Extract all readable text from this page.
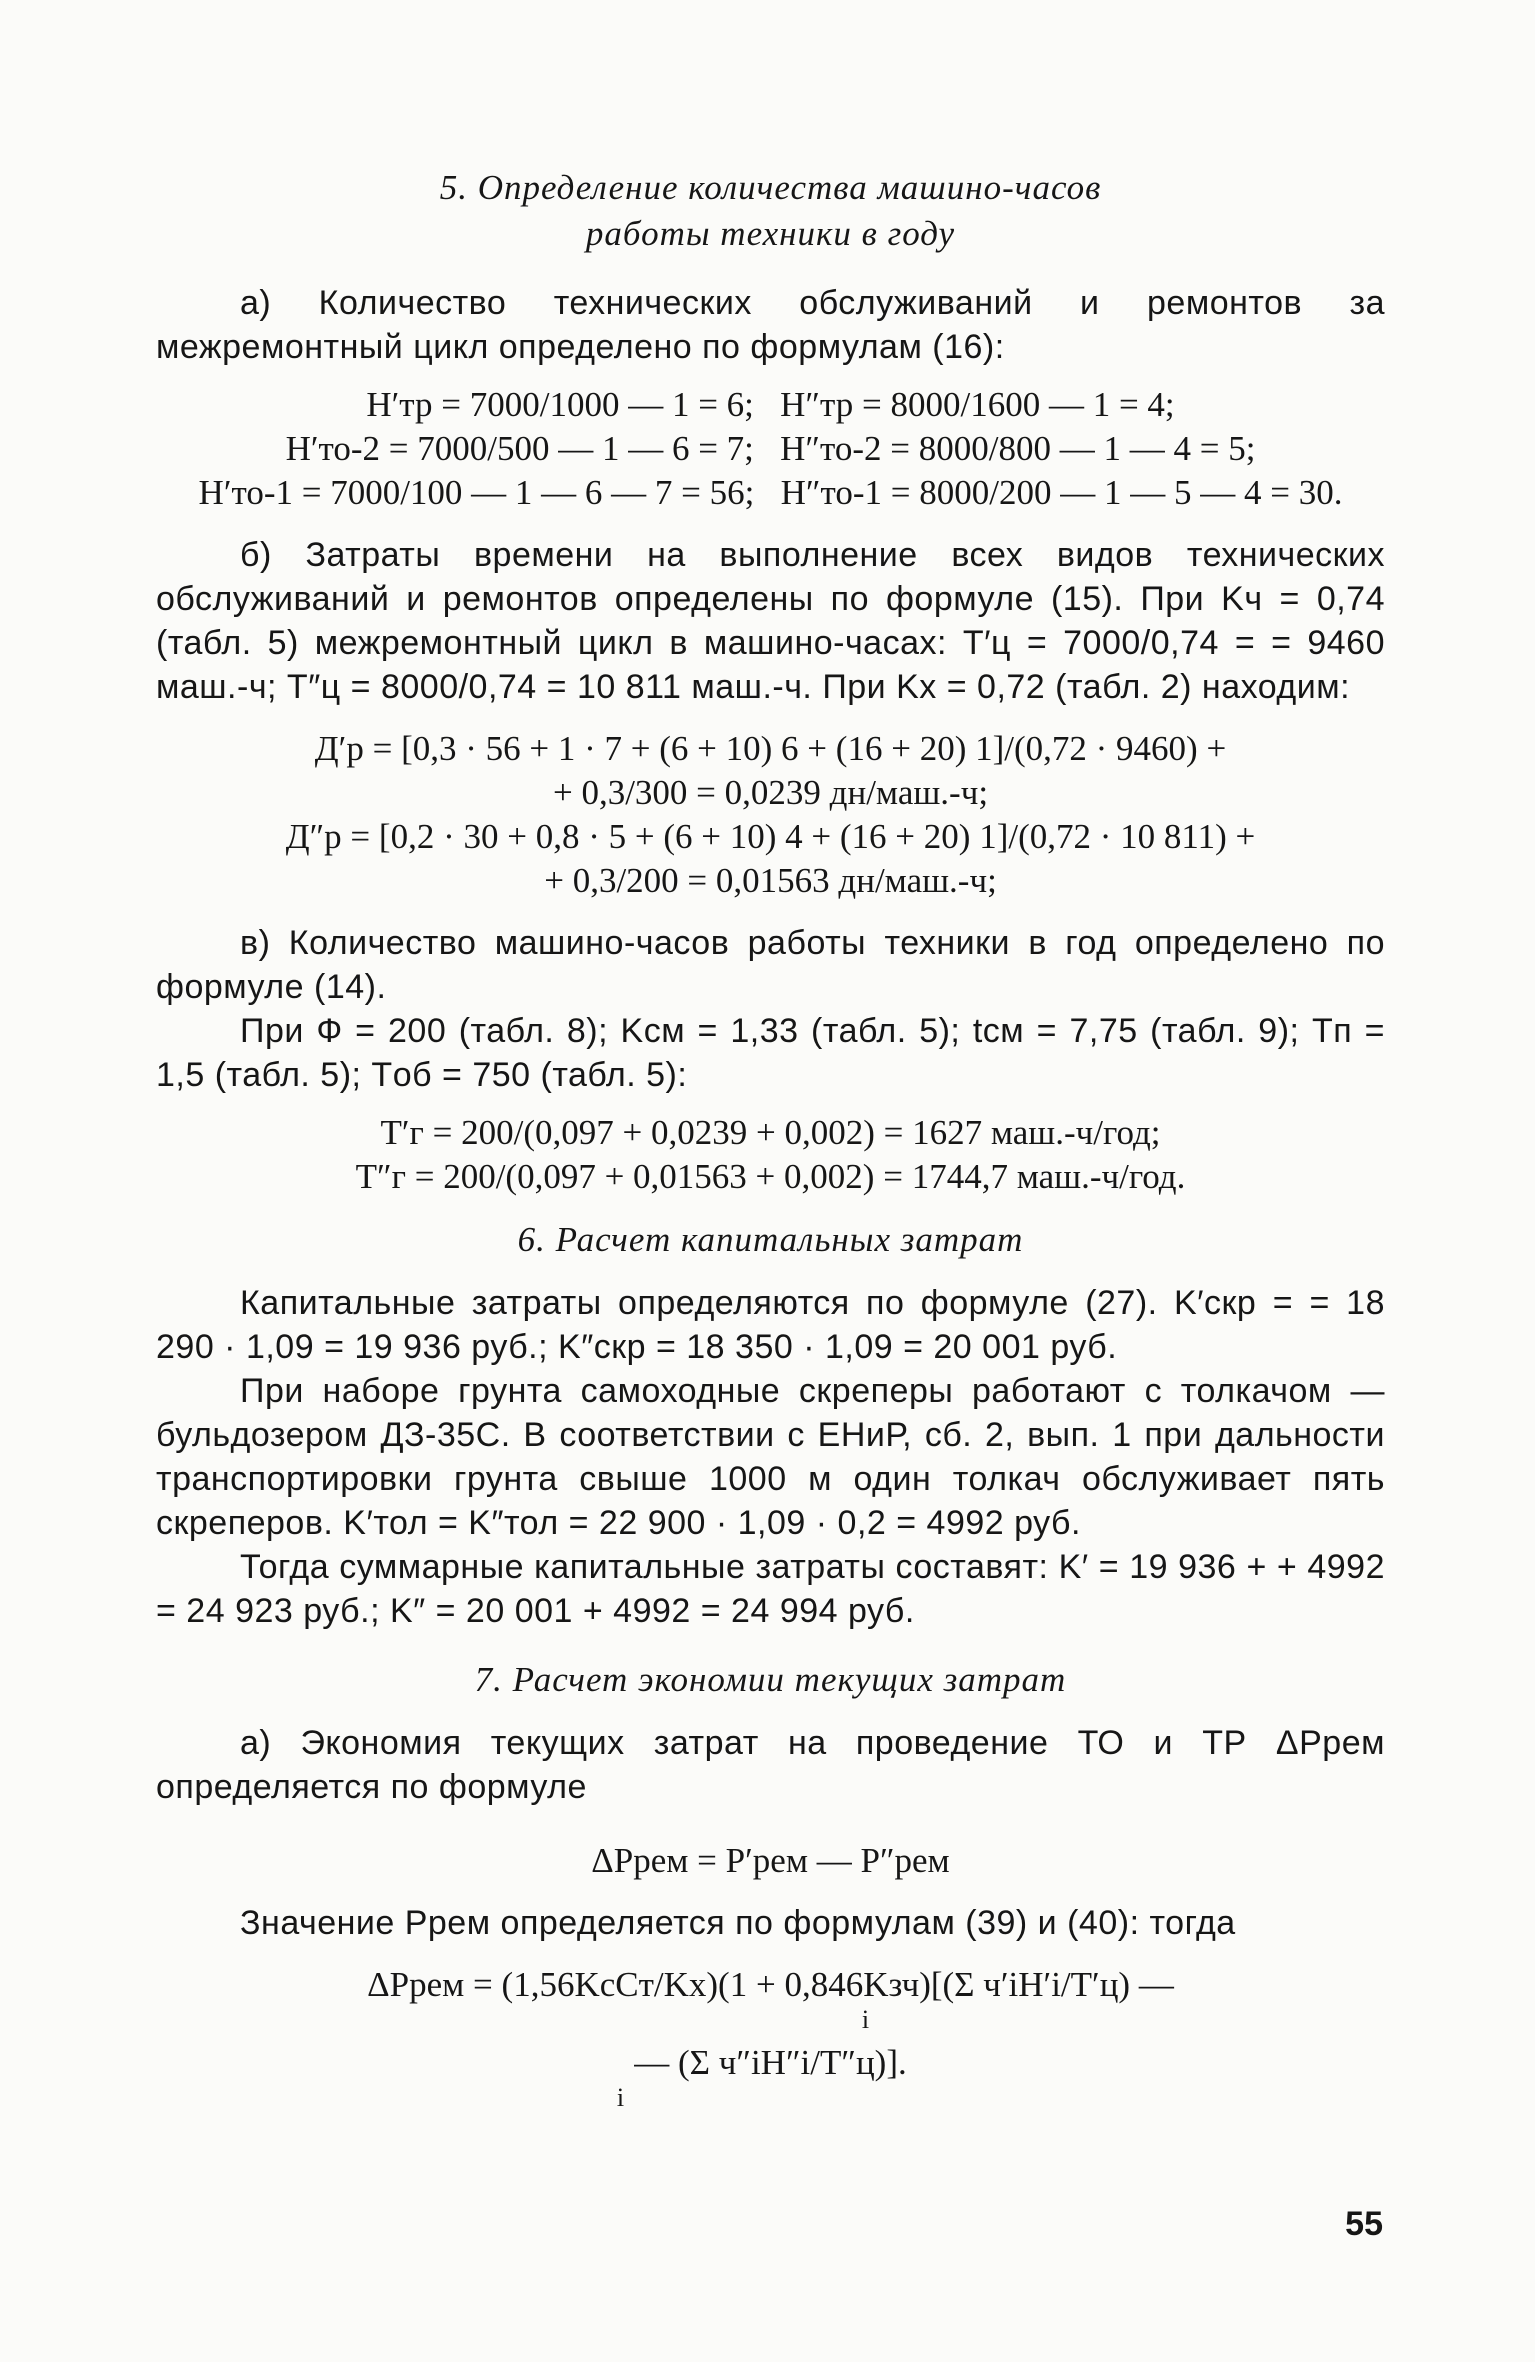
5. Определение количества машино-часов

работы техники в году

а) Количество технических обслуживаний и ремонтов за межремонтный цикл определено по формулам (16):

H′тр = 7000/1000 — 1 = 6;   H″тр = 8000/1600 — 1 = 4;

H′то-2 = 7000/500 — 1 — 6 = 7;   H″то-2 = 8000/800 — 1 — 4 = 5;

H′то-1 = 7000/100 — 1 — 6 — 7 = 56;   H″то-1 = 8000/200 — 1 — 5 — 4 = 30.

б) Затраты времени на выполнение всех видов технических обслуживаний и ремонтов определены по формуле (15). При Kч = 0,74 (табл. 5) межремонтный цикл в машино-часах: T′ц = 7000/0,74 = = 9460 маш.-ч; T″ц = 8000/0,74 = 10 811 маш.-ч. При Kх = 0,72 (табл. 2) находим:

Д′р = [0,3 · 56 + 1 · 7 + (6 + 10) 6 + (16 + 20) 1]/(0,72 · 9460) +

+ 0,3/300 = 0,0239 дн/маш.-ч;

Д″р = [0,2 · 30 + 0,8 · 5 + (6 + 10) 4 + (16 + 20) 1]/(0,72 · 10 811) +

+ 0,3/200 = 0,01563 дн/маш.-ч;

в) Количество машино-часов работы техники в год определено по формуле (14).

При Ф = 200 (табл. 8); Kсм = 1,33 (табл. 5); tсм = 7,75 (табл. 9); Tп = 1,5 (табл. 5); Tоб = 750 (табл. 5):

T′г = 200/(0,097 + 0,0239 + 0,002) = 1627 маш.-ч/год;

T″г = 200/(0,097 + 0,01563 + 0,002) = 1744,7 маш.-ч/год.

6. Расчет капитальных затрат

Капитальные затраты определяются по формуле (27). K′скр = = 18 290 · 1,09 = 19 936 руб.; K″скр = 18 350 · 1,09 = 20 001 руб.

При наборе грунта самоходные скреперы работают с толкачом — бульдозером ДЗ-35С. В соответствии с ЕНиР, сб. 2, вып. 1 при дальности транспортировки грунта свыше 1000 м один толкач обслуживает пять скреперов. K′тол = K″тол = 22 900 · 1,09 · 0,2 = 4992 руб.

Тогда суммарные капитальные затраты составят: K′ = 19 936 + + 4992 = 24 923 руб.; K″ = 20 001 + 4992 = 24 994 руб.

7. Расчет экономии текущих затрат

а) Экономия текущих затрат на проведение ТО и ТР ΔPрем определяется по формуле

ΔPрем = P′рем — P″рем

Значение Pрем определяется по формулам (39) и (40): тогда

ΔPрем = (1,56KсCт/Kх)(1 + 0,846Kзч)[(Σ ч′iH′i/T′ц) —

i

— (Σ ч″iH″i/T″ц)].

i

55
